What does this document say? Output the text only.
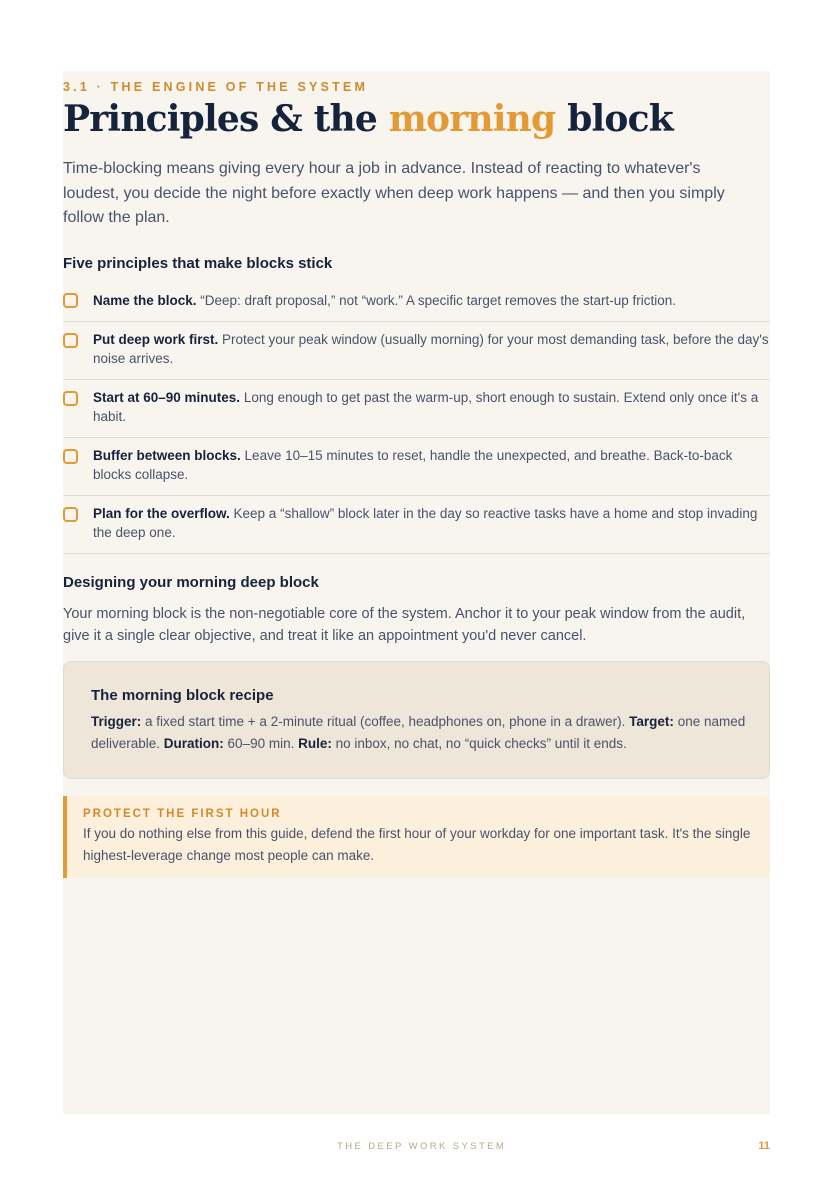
3.1 · THE ENGINE OF THE SYSTEM
Principles & the morning block
Time-blocking means giving every hour a job in advance. Instead of reacting to whatever's loudest, you decide the night before exactly when deep work happens — and then you simply follow the plan.
Five principles that make blocks stick
Name the block. “Deep: draft proposal,” not “work.” A specific target removes the start-up friction.
Put deep work first. Protect your peak window (usually morning) for your most demanding task, before the day's noise arrives.
Start at 60–90 minutes. Long enough to get past the warm-up, short enough to sustain. Extend only once it's a habit.
Buffer between blocks. Leave 10–15 minutes to reset, handle the unexpected, and breathe. Back-to-back blocks collapse.
Plan for the overflow. Keep a “shallow” block later in the day so reactive tasks have a home and stop invading the deep one.
Designing your morning deep block
Your morning block is the non-negotiable core of the system. Anchor it to your peak window from the audit, give it a single clear objective, and treat it like an appointment you'd never cancel.
The morning block recipe
Trigger: a fixed start time + a 2-minute ritual (coffee, headphones on, phone in a drawer). Target: one named deliverable. Duration: 60–90 min. Rule: no inbox, no chat, no “quick checks” until it ends.
PROTECT THE FIRST HOUR
If you do nothing else from this guide, defend the first hour of your workday for one important task. It's the single highest-leverage change most people can make.
THE DEEP WORK SYSTEM	11
